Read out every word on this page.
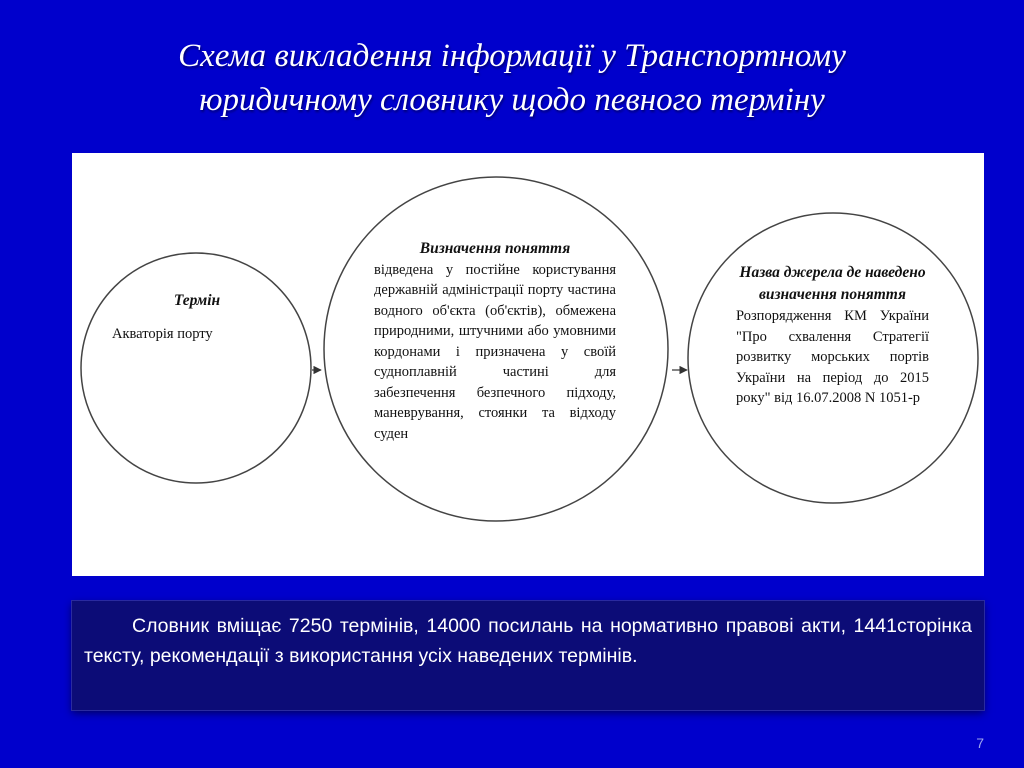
Схема викладення інформації у Транспортному
юридичному словнику щодо певного терміну
Термін
Акваторія порту
Визначення поняття
відведена у постійне користування державній адміністрації порту частина водного об'єкта (об'єктів), обмежена природними, штучними або умовними кордонами і призначена у своїй судноплавній частині для забезпечення безпечного підходу, маневрування, стоянки та відходу суден
Назва джерела де наведено визначення поняття
Розпорядження КМ України "Про схвалення Стратегії розвитку морських портів України на період до 2015 року" від 16.07.2008 N 1051-р
Словник вміщає 7250 термінів, 14000 посилань на нормативно правові акти, 1441сторінка тексту, рекомендації з використання усіх наведених термінів.
7
